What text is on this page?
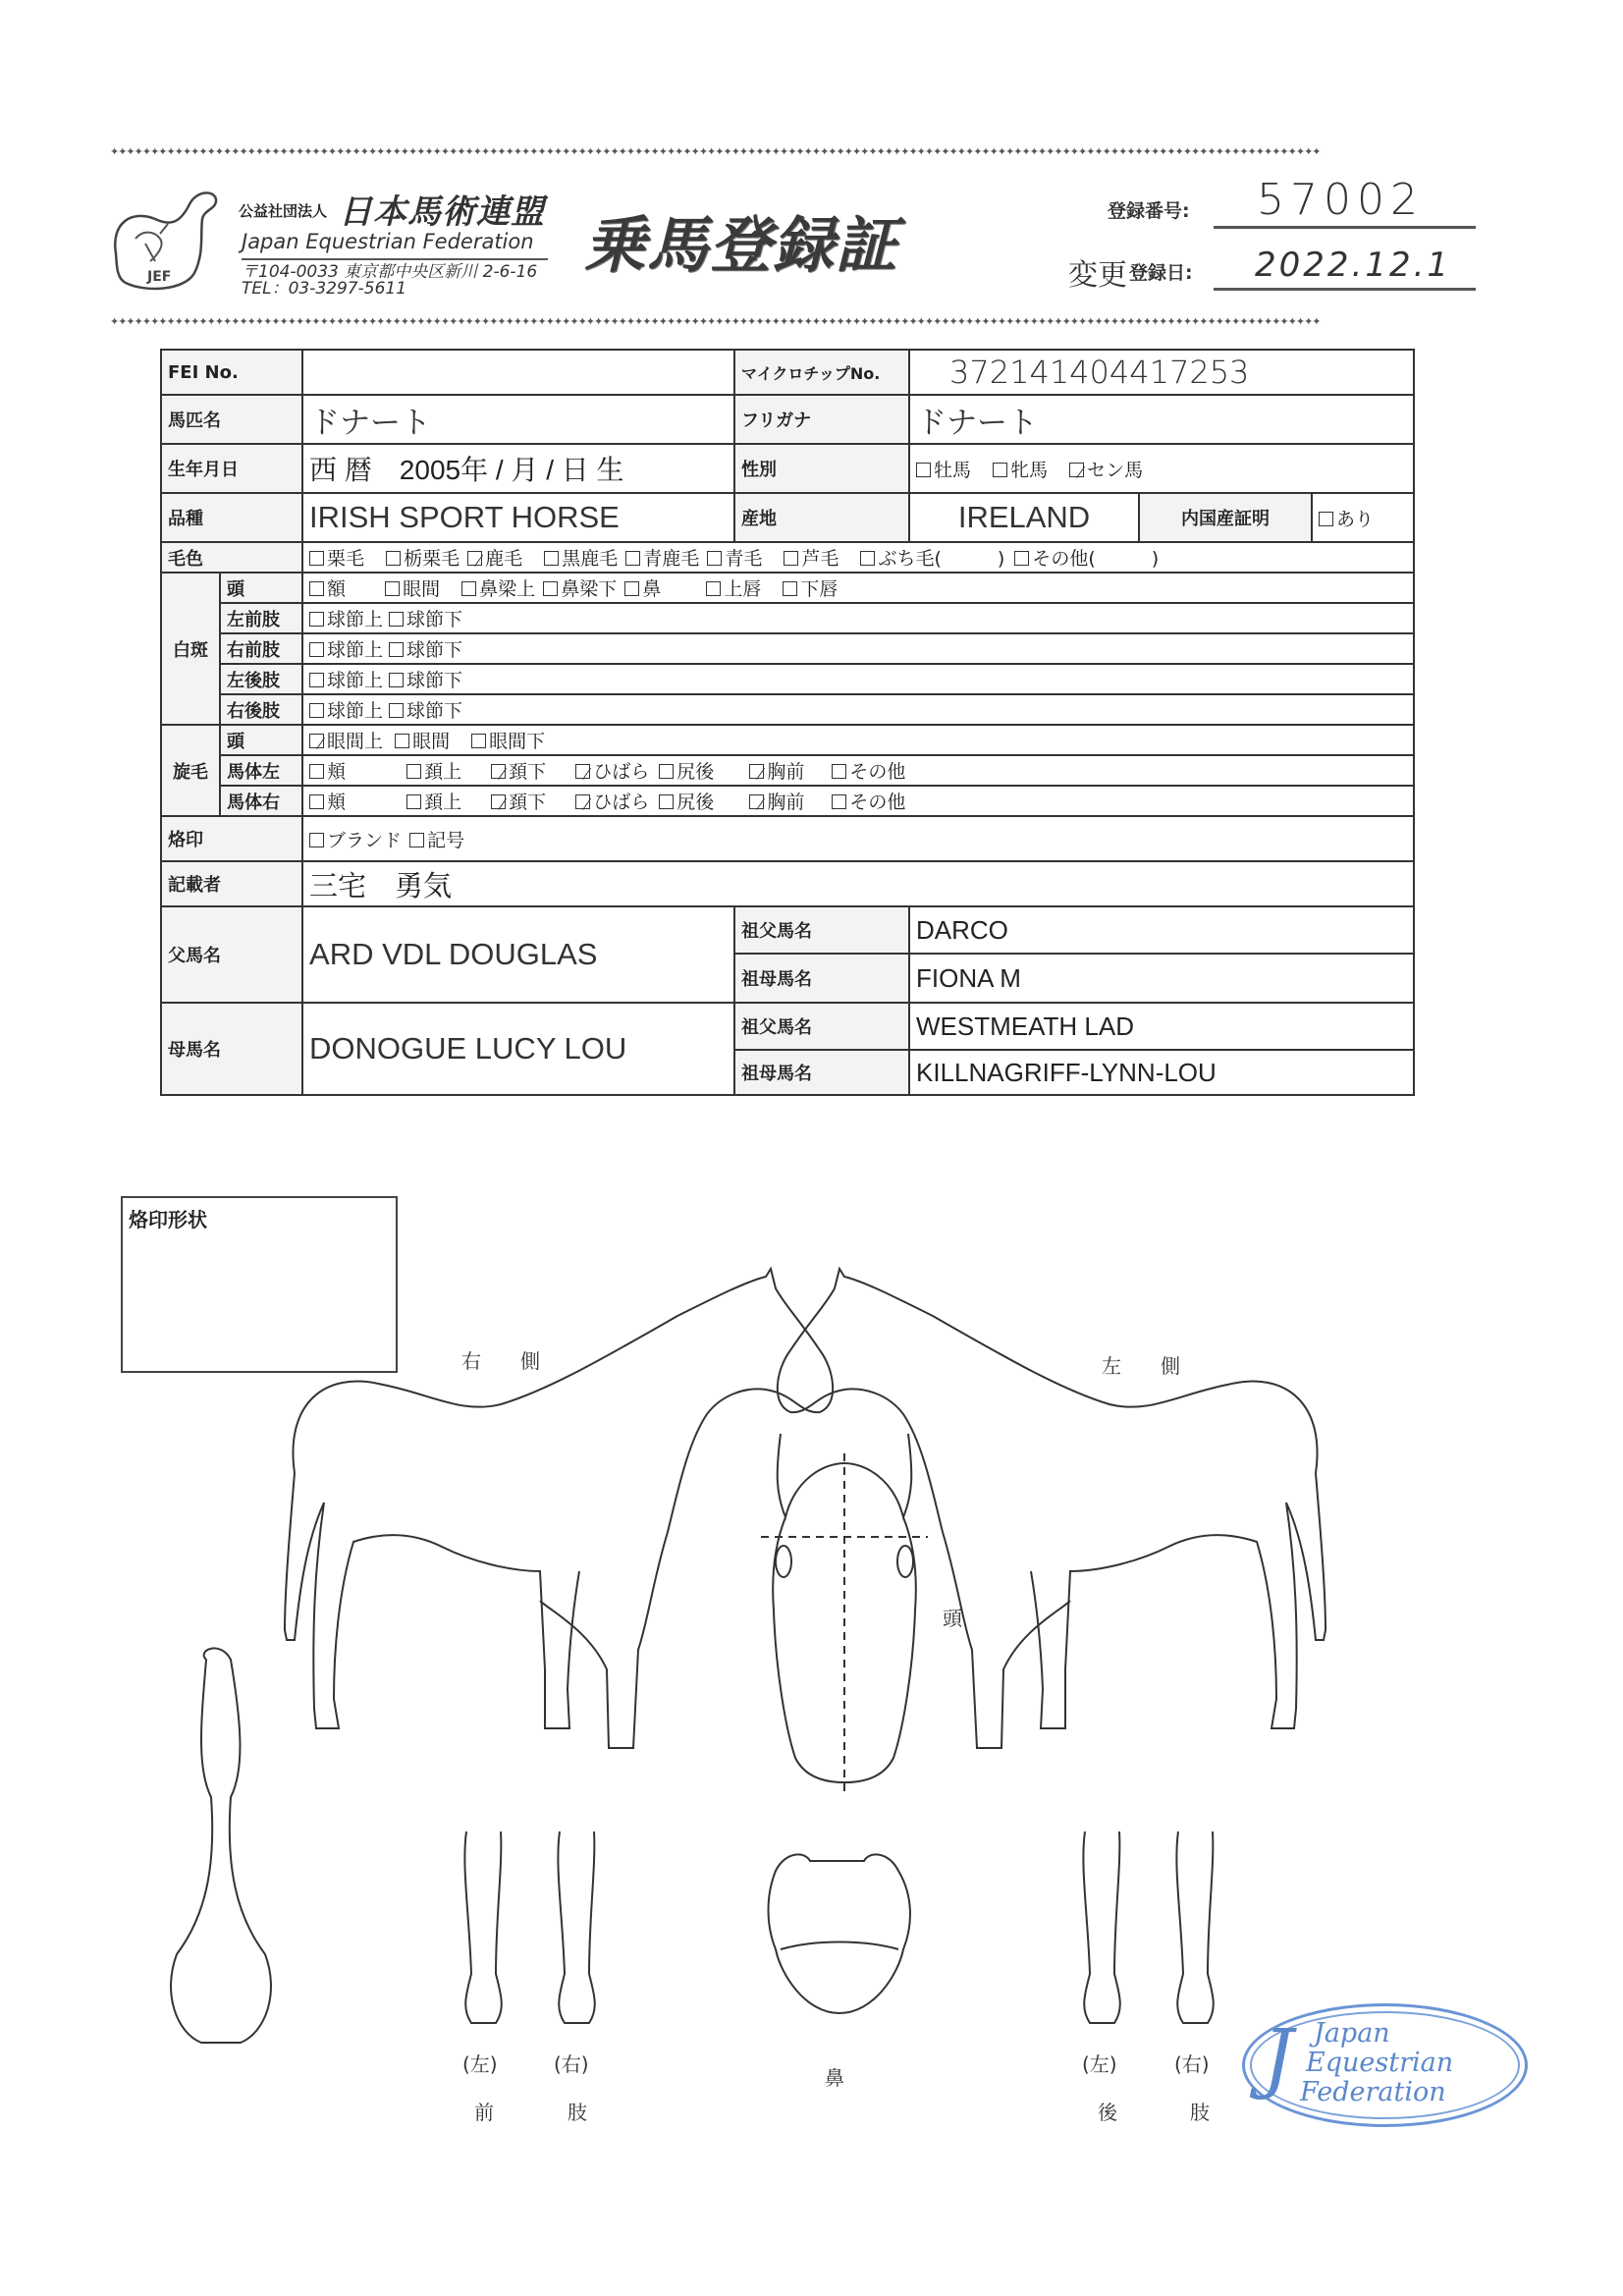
✦✦✦✦✦✦✦✦✦✦✦✦✦✦✦✦✦✦✦✦✦✦✦✦✦✦✦✦✦✦✦✦✦✦✦✦✦✦✦✦✦✦✦✦✦✦✦✦✦✦✦✦✦✦✦✦✦✦✦✦✦✦✦✦✦✦✦✦✦✦✦✦✦✦✦✦✦✦✦✦✦✦✦✦✦✦✦✦✦✦✦✦✦✦✦✦✦✦✦✦✦✦✦✦✦✦✦✦✦✦✦✦✦✦✦✦✦✦✦✦✦✦✦✦✦✦✦✦✦✦✦✦✦✦✦✦✦✦✦✦✦✦✦✦✦✦✦✦✦✦
✦✦✦✦✦✦✦✦✦✦✦✦✦✦✦✦✦✦✦✦✦✦✦✦✦✦✦✦✦✦✦✦✦✦✦✦✦✦✦✦✦✦✦✦✦✦✦✦✦✦✦✦✦✦✦✦✦✦✦✦✦✦✦✦✦✦✦✦✦✦✦✦✦✦✦✦✦✦✦✦✦✦✦✦✦✦✦✦✦✦✦✦✦✦✦✦✦✦✦✦✦✦✦✦✦✦✦✦✦✦✦✦✦✦✦✦✦✦✦✦✦✦✦✦✦✦✦✦✦✦✦✦✦✦✦✦✦✦✦✦✦✦✦✦✦✦✦✦✦✦
JEF
公益社団法人 日本馬術連盟
Japan Equestrian Federation
〒104-0033 東京都中央区新川 2-6-16
TEL：03-3297-5611
乗馬登録証	登録番号: 57002
変更 登録日: 2022.12.1
FEI No.			マイクロチップNo.	372141404417253		
馬匹名		ドナート	フリガナ	ドナート		
生年月日		西 暦　2005年 / 月 / 日 生	性別	牡馬 牝馬 セン馬		
品種		IRISH SPORT HORSE	産地	IRELAND	内国産証明	あり
毛色		栗毛 栃栗毛 鹿毛 黒鹿毛 青鹿毛 青毛 芦毛 ぶち毛(　　　) その他(　　　)				
白斑	頭	額 眼間 鼻梁上 鼻梁下 鼻 上唇 下唇				
	左前肢	球節上 球節下				
	右前肢	球節上 球節下				
	左後肢	球節上 球節下				
	右後肢	球節上 球節下				
旋毛	頭	眼間上 眼間 眼間下				
	馬体左	頬 頚上 頚下 ひばら 尻後 胸前 その他				
	馬体右	頬 頚上 頚下 ひばら 尻後 胸前 その他				
烙印		ブランド 記号				
記載者		三宅　勇気				
父馬名		ARD VDL DOUGLAS	祖父馬名	DARCO		
			祖母馬名	FIONA M		
母馬名		DONOGUE LUCY LOU	祖父馬名	WESTMEATH LAD		
			祖母馬名	KILLNAGRIFF-LYNN-LOU		
烙印形状
右　　側	左　　側
頭
鼻
(左)	(右)
前	肢
(左)	(右)
後	肢
J Japan
Equestrian
Federation
